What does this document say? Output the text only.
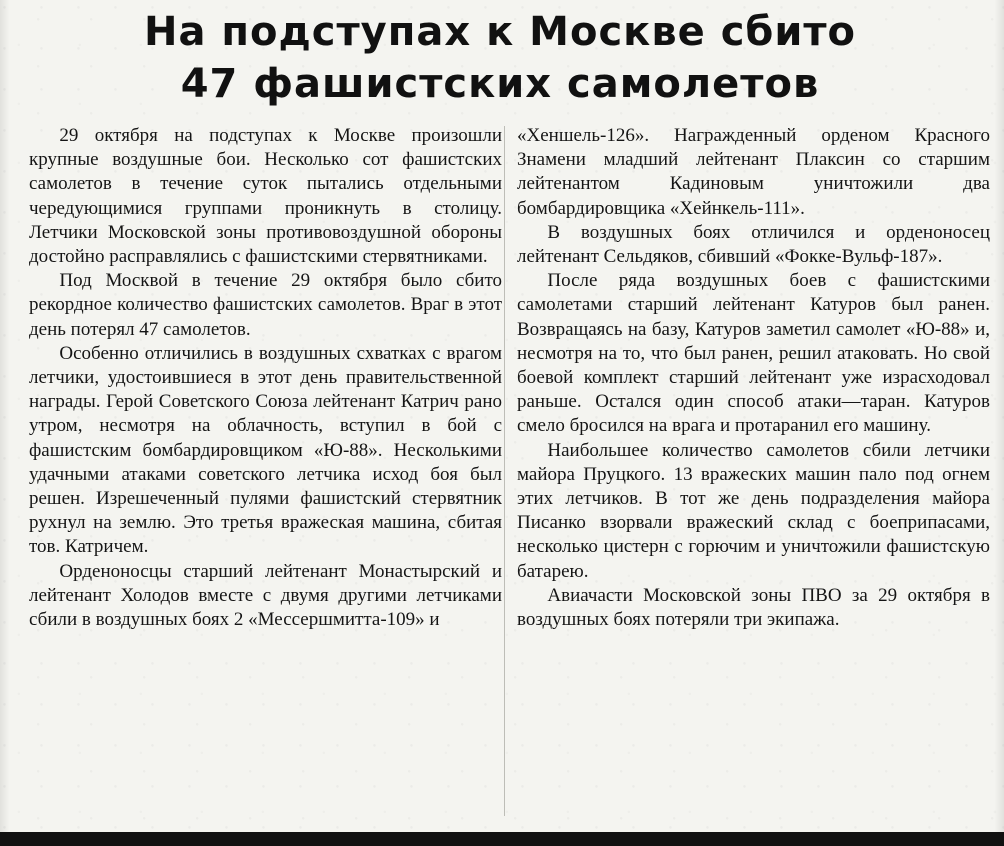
На подступах к Москве сбито
47 фашистских самолетов

29 октября на подступах к Москве произошли крупные воздушные бои. Несколько сот фашистских самолетов в течение суток пытались отдельными чередующимися группами проникнуть в столицу. Летчики Московской зоны противовоздушной обороны достойно расправлялись с фашистскими стервятниками.

Под Москвой в течение 29 октября было сбито рекордное количество фашистских самолетов. Враг в этот день потерял 47 самолетов.

Особенно отличились в воздушных схватках с врагом летчики, удостоившиеся в этот день правительственной награды. Герой Советского Союза лейтенант Катрич рано утром, несмотря на облачность, вступил в бой с фашистским бомбардировщиком «Ю-88». Несколькими удачными атаками советского летчика исход боя был решен. Изрешеченный пулями фашистский стервятник рухнул на землю. Это третья вражеская машина, сбитая тов. Катричем.

Орденоносцы старший лейтенант Монастырский и лейтенант Холодов вместе с двумя другими летчиками сбили в воздушных боях 2 «Мессершмитта-109» и

«Хеншель-126». Награжденный орденом Красного Знамени младший лейтенант Плаксин со старшим лейтенантом Кадиновым уничтожили два бомбардировщика «Хейнкель-111».

В воздушных боях отличился и орденоносец лейтенант Сельдяков, сбивший «Фокке-Вульф-187».

После ряда воздушных боев с фашистскими самолетами старший лейтенант Катуров был ранен. Возвращаясь на базу, Катуров заметил самолет «Ю-88» и, несмотря на то, что был ранен, решил атаковать. Но свой боевой комплект старший лейтенант уже израсходовал раньше. Остался один способ атаки—таран. Катуров смело бросился на врага и протаранил его машину.

Наибольшее количество самолетов сбили летчики майора Пруцкого. 13 вражеских машин пало под огнем этих летчиков. В тот же день подразделения майора Писанко взорвали вражеский склад с боеприпасами, несколько цистерн с горючим и уничтожили фашистскую батарею.

Авиачасти Московской зоны ПВО за 29 октября в воздушных боях потеряли три экипажа.
